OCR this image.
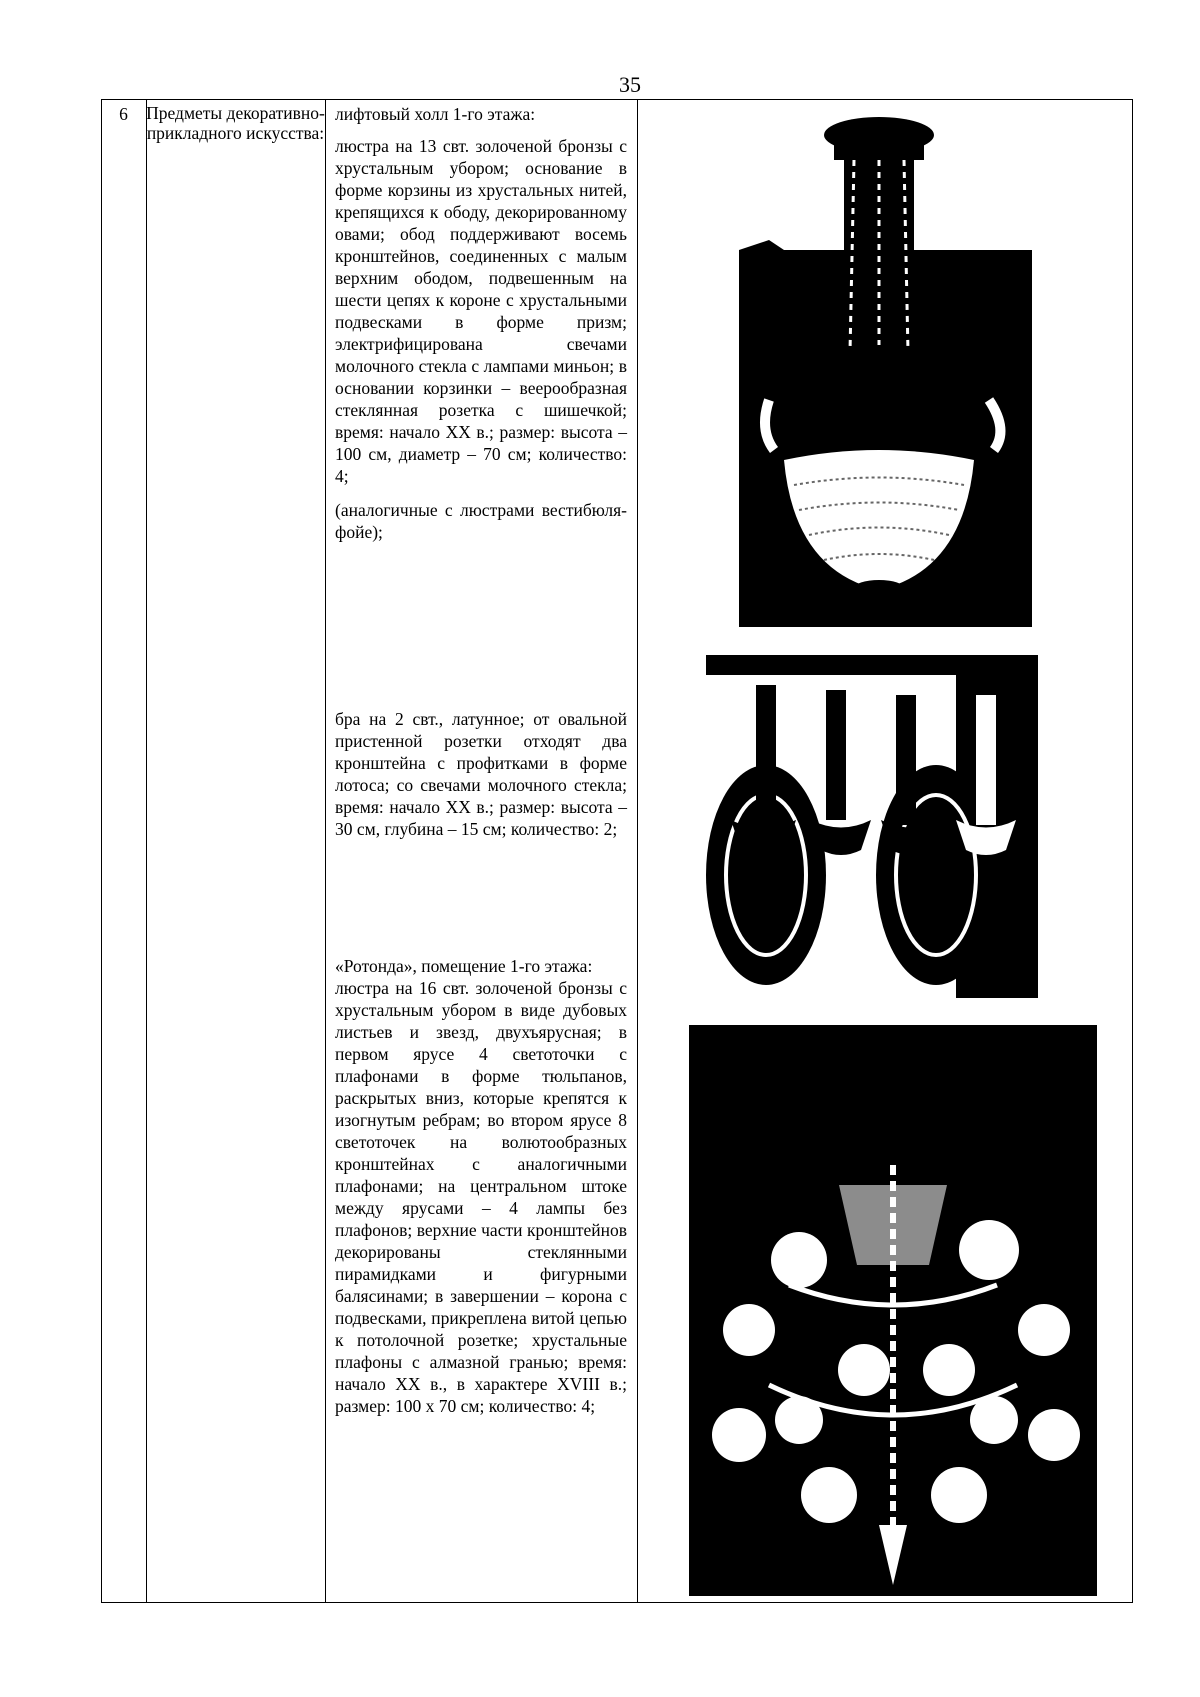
35
6	Предметы декоративно-прикладного искусства:

лифтовый холл 1-го этажа:

люстра на 13 свт. золоченой бронзы с хрустальным убором; основание в форме корзины из хрустальных нитей, крепящихся к ободу, декорированному овами; обод поддерживают восемь кронштейнов, соединенных с малым верхним ободом, подвешенным на шести цепях к короне с хрустальными подвесками в форме призм; электрифицирована свечами молочного стекла с лампами миньон; в основании корзинки – веерообразная стеклянная розетка с шишечкой; время: начало XX в.; размер: высота – 100 см, диаметр – 70 см; количество: 4;

(аналогичные с люстрами вестибюля-фойе);

бра на 2 свт., латунное; от овальной пристенной розетки отходят два кронштейна с профитками в форме лотоса; со свечами молочного стекла; время: начало XX в.; размер: высота – 30 см, глубина – 15 см; количество: 2;

«Ротонда», помещение 1-го этажа:

люстра на 16 свт. золоченой бронзы с хрустальным убором в виде дубовых листьев и звезд, двухъярусная; в первом ярусе 4 светоточки с плафонами в форме тюльпанов, раскрытых вниз, которые крепятся к изогнутым ребрам; во втором ярусе 8 светоточек на волютообразных кронштейнах с аналогичными плафонами; на центральном штоке между ярусами – 4 лампы без плафонов; верхние части кронштейнов декорированы стеклянными пирамидками и фигурными балясинами; в завершении – корона с подвесками, прикреплена витой цепью к потолочной розетке; хрустальные плафоны с алмазной гранью; время: начало XX в., в характере XVIII в.; размер: 100 х 70 см; количество: 4;
